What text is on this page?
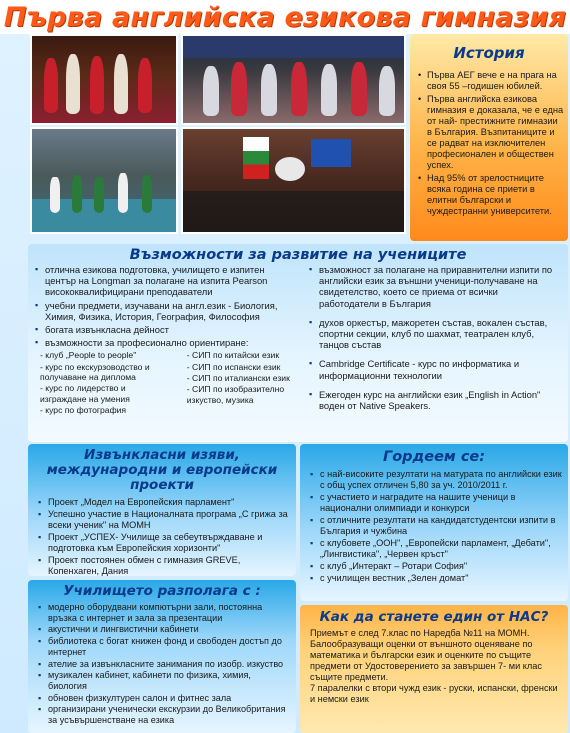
Първа английска езикова гимназия
История
• Първа АЕГ вече е на прага на своя 55 –годишен юбилей.
• Първа английска езикова гимназия е доказала, че е една от най- престижните гимназии в България. Възпитаниците и се радват на изключителен професионален и обществен успех.
• Над 95% от зрелостниците всяка година се приети в елитни български и чуждестранни университети.
Възможности за развитие на учениците
▪ отлична езикова подготовка, училището е изпитен център на Longman за полагане на изпита Pearson висококвалифицирани преподаватели
▪ учебни предмети, изучавани на англ.език - Биология, Химия, Физика, История, География, Философия
▪ богата извънкласна дейност
▪ възможности за професионално ориентиране:
- клуб „People to people"
- курс по екскурзоводство и получаване на диплома
- курс по лидерство и изграждане на умения
- курс по фотография
- СИП по китайски език
- СИП по испански език
- СИП по италиански език
- СИП по изобразително изкуство, музика
▪ възможност за полагане на приравнителни изпити по английски език за външни ученици-получаване на свидетелство, което се приема от всички работодатели в България
▪ духов оркестър, мажоретен състав, вокален състав, спортни секции, клуб по шахмат, театрален клуб, танцов състав
▪ Cambridge Certificate - курс по информатика и информационни технологии
▪ Ежегоден курс на английски език „English in Action" воден от Native Speakers.
Извънкласни изяви, международни и европейски проекти
▪ Проект „Модел на Европейския парламент"
▪ Успешно участие в Националната програма „С грижа за всеки ученик" на МОМН
▪ Проект „УСПЕХ- Училище за себеутвърждаване и подготовка към Европейския хоризонти"
▪ Проект постоянен обмен с гимназия GREVE, Копенхаген, Дания
Гордеем се:
▪ с най-високите резултати на матурата по английски език с общ успех отличен 5,80 за уч. 2010/2011 г.
▪ с участието и наградите на нашите ученици в национални олимпиади и конкурси
▪ с отличните резултати на кандидатстудентски изпити в България и чужбина
▪ с клубовете „ООН", „Европейски парламент, „Дебати", „Лингвистика", „Червен кръст"
▪ с клуб „Интеракт – Ротари София"
▪ с училищен вестник „Зелен домат"
Училището разполага с :
▪ модерно оборудвани компютърни зали, постоянна връзка с интернет и зала за презентации
▪ акустични и лингвистични кабинети
▪ библиотека с богат книжен фонд и свободен достъп до интернет
▪ ателие за извънкласните занимания по изобр. изкуство
▪ музикален кабинет, кабинети по физика, химия, биология
▪ обновен физкултурен салон и фитнес зала
▪ организирани ученически екскурзии до Великобритания за усъвършенстване на езика
Как да станете един от НАС?

Приемът е след 7.клас по Наредба №11 на МОМН.

Балообразуващи оценки от външното оценяване по математика и български език и оценките по същите предмети от Удостоверението за завършен 7- ми клас същите предмети.

7 паралелки с втори чужд език - руски, испански, френски и немски език
